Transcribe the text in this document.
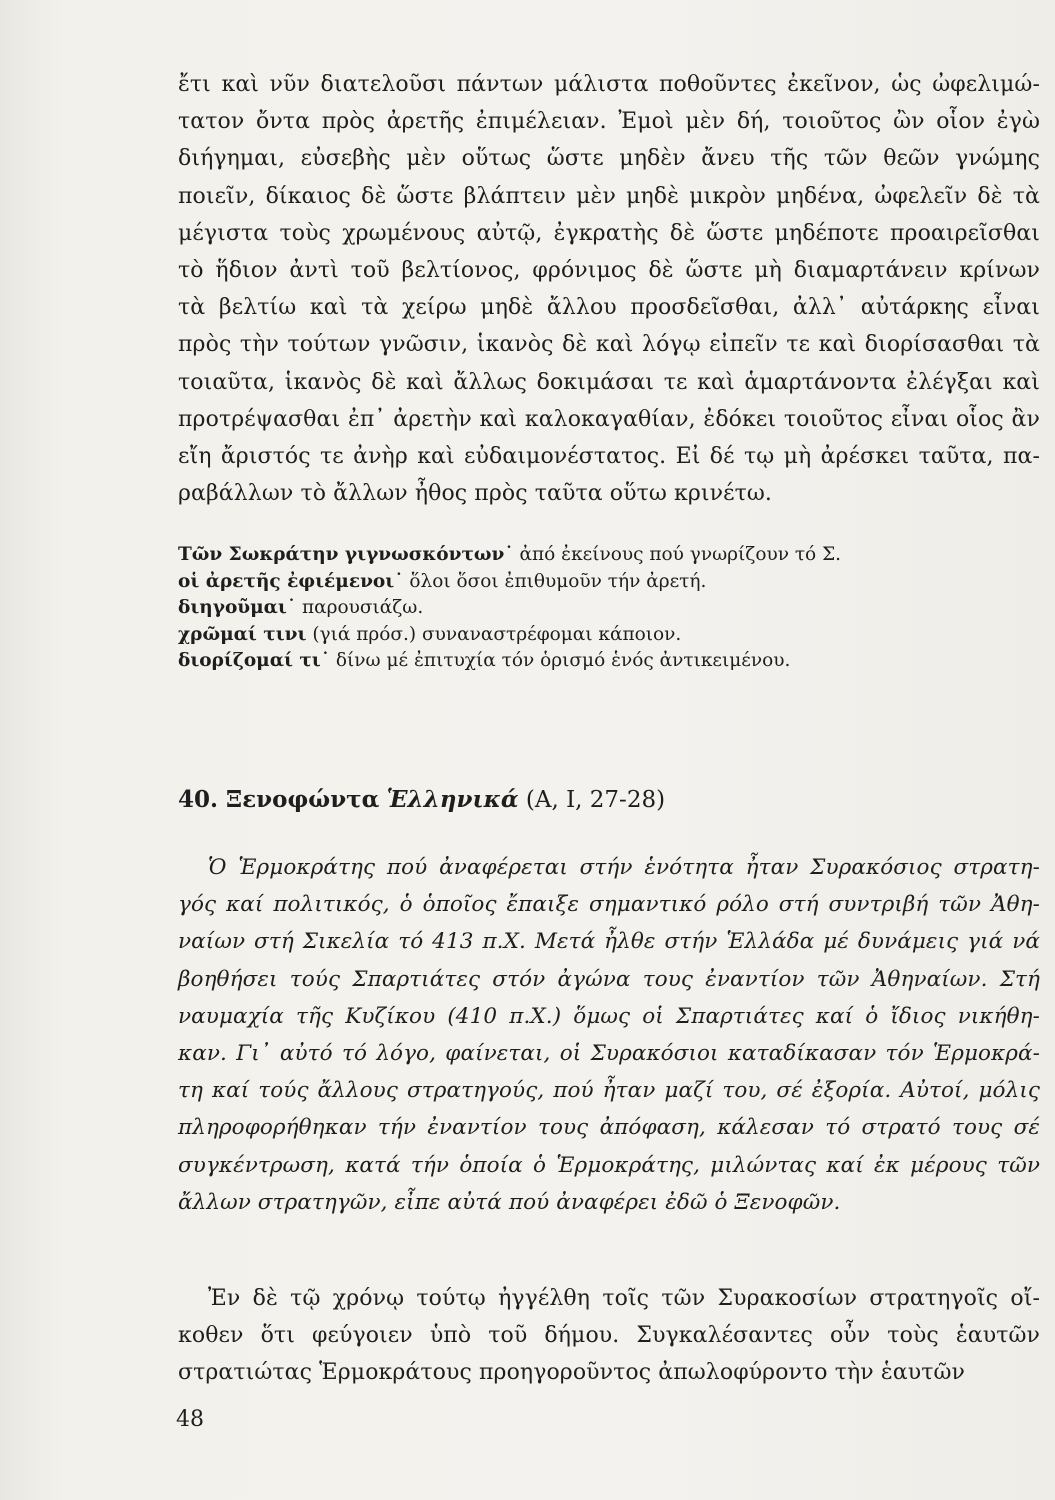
ἔτι καὶ νῦν διατελοῦσι πάντων μάλιστα ποθοῦντες ἐκεῖνον, ὡς ὠφελιμώ-
τατον ὄντα πρὸς ἀρετῆς ἐπιμέλειαν. Ἐμοὶ μὲν δή, τοιοῦτος ὢν οἷον ἐγὼ
διήγημαι, εὐσεβὴς μὲν οὕτως ὥστε μηδὲν ἄνευ τῆς τῶν θεῶν γνώμης
ποιεῖν, δίκαιος δὲ ὥστε βλάπτειν μὲν μηδὲ μικρὸν μηδένα, ὠφελεῖν δὲ τὰ
μέγιστα τοὺς χρωμένους αὐτῷ, ἐγκρατὴς δὲ ὥστε μηδέποτε προαιρεῖσθαι
τὸ ἥδιον ἀντὶ τοῦ βελτίονος, φρόνιμος δὲ ὥστε μὴ διαμαρτάνειν κρίνων
τὰ βελτίω καὶ τὰ χείρω μηδὲ ἄλλου προσδεῖσθαι, ἀλλ᾽ αὐτάρκης εἶναι
πρὸς τὴν τούτων γνῶσιν, ἱκανὸς δὲ καὶ λόγῳ εἰπεῖν τε καὶ διορίσασθαι τὰ
τοιαῦτα, ἱκανὸς δὲ καὶ ἄλλως δοκιμάσαι τε καὶ ἁμαρτάνοντα ἐλέγξαι καὶ
προτρέψασθαι ἐπ᾽ ἀρετὴν καὶ καλοκαγαθίαν, ἐδόκει τοιοῦτος εἶναι οἷος ἂν
εἴη ἄριστός τε ἀνὴρ καὶ εὐδαιμονέστατος. Εἰ δέ τῳ μὴ ἀρέσκει ταῦτα, πα-
ραβάλλων τὸ ἄλλων ἦθος πρὸς ταῦτα οὕτω κρινέτω.
Τῶν Σωκράτην γιγνωσκόντων˙ ἀπό ἐκείνους πού γνωρίζουν τό Σ.
οἱ ἀρετῆς ἐφιέμενοι˙ ὅλοι ὅσοι ἐπιθυμοῦν τήν ἀρετή.
διηγοῦμαι˙ παρουσιάζω.
χρῶμαί τινι (γιά πρόσ.) συναναστρέφομαι κάποιον.
διορίζομαί τι˙ δίνω μέ ἐπιτυχία τόν ὁρισμό ἑνός ἀντικειμένου.
40. Ξενοφώντα Ἑλληνικά (Α, Ι, 27-28)
Ὁ Ἑρμοκράτης πού ἀναφέρεται στήν ἑνότητα ἦταν Συρακόσιος στρατη-
γός καί πολιτικός, ὁ ὁποῖος ἔπαιξε σημαντικό ρόλο στή συντριβή τῶν Ἀθη-
ναίων στή Σικελία τό 413 π.Χ. Μετά ἦλθε στήν Ἑλλάδα μέ δυνάμεις γιά νά
βοηθήσει τούς Σπαρτιάτες στόν ἀγώνα τους ἐναντίον τῶν Ἀθηναίων. Στή
ναυμαχία τῆς Κυζίκου (410 π.Χ.) ὅμως οἱ Σπαρτιάτες καί ὁ ἴδιος νικήθη-
καν. Γι᾽ αὐτό τό λόγο, φαίνεται, οἱ Συρακόσιοι καταδίκασαν τόν Ἑρμοκρά-
τη καί τούς ἄλλους στρατηγούς, πού ἦταν μαζί του, σέ ἐξορία. Αὐτοί, μόλις
πληροφορήθηκαν τήν ἐναντίον τους ἀπόφαση, κάλεσαν τό στρατό τους σέ
συγκέντρωση, κατά τήν ὁποία ὁ Ἑρμοκράτης, μιλώντας καί ἐκ μέρους τῶν
ἄλλων στρατηγῶν, εἶπε αὐτά πού ἀναφέρει ἐδῶ ὁ Ξενοφῶν.
Ἐν δὲ τῷ χρόνῳ τούτῳ ἠγγέλθη τοῖς τῶν Συρακοσίων στρατηγοῖς οἴ-
κοθεν ὅτι φεύγοιεν ὑπὸ τοῦ δήμου. Συγκαλέσαντες οὖν τοὺς ἑαυτῶν
στρατιώτας Ἑρμοκράτους προηγοροῦντος ἀπωλοφύροντο τὴν ἑαυτῶν
48
